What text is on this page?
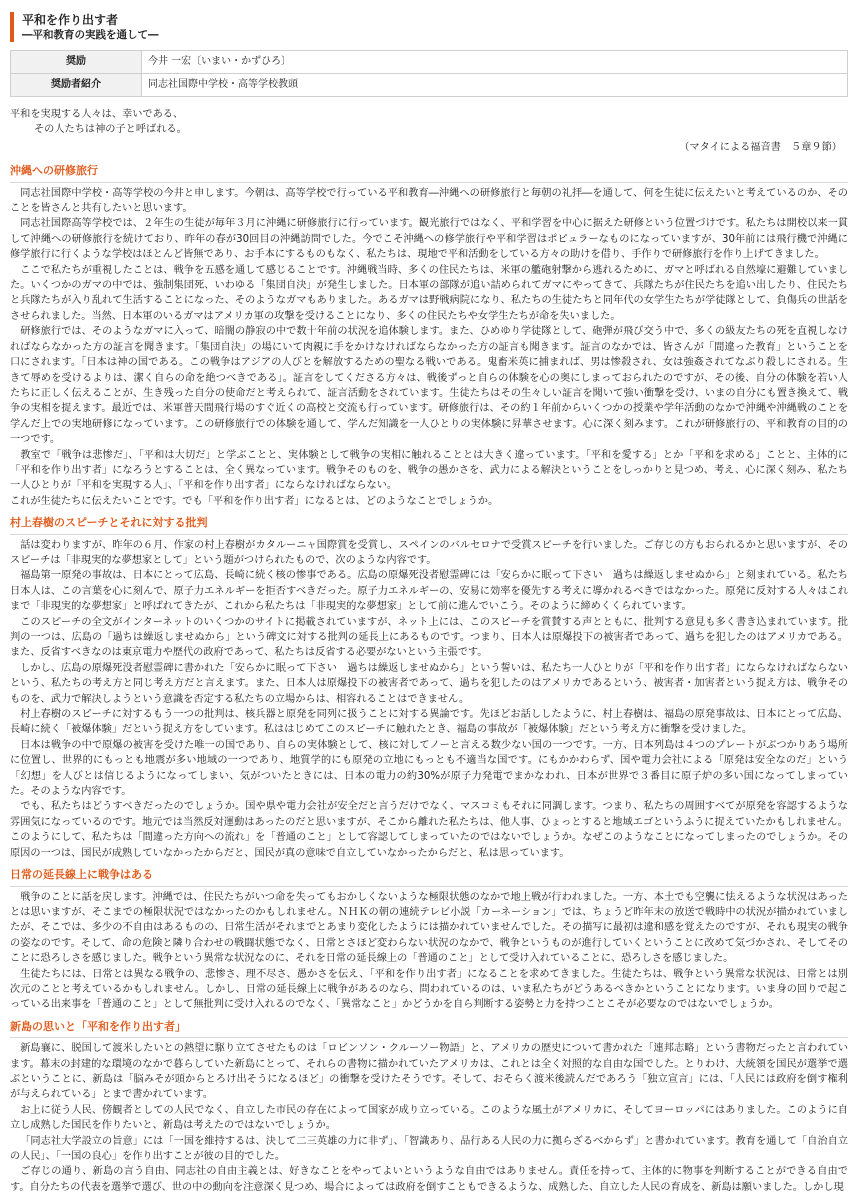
平和を作り出す者
―平和教育の実践を通して―
奨励	今井 一宏〔いまい・かずひろ〕
奨励者紹介	同志社国際中学校・高等学校教頭

平和を実現する人々は、幸いである、

その人たちは神の子と呼ばれる。

（マタイによる福音書　５章９節）
沖縄への研修旅行

同志社国際中学校・高等学校の今井と申します。今朝は、高等学校で行っている平和教育―沖縄への研修旅行と毎朝の礼拝―を通して、何を生徒に伝えたいと考えているのか、そのことを皆さんと共有したいと思います。

同志社国際高等学校では、２年生の生徒が毎年３月に沖縄に研修旅行に行っています。観光旅行ではなく、平和学習を中心に据えた研修という位置づけです。私たちは開校以来一貫して沖縄への研修旅行を続けており、昨年の春が30回目の沖縄訪問でした。今でこそ沖縄への修学旅行や平和学習はポピュラーなものになっていますが、30年前には飛行機で沖縄に修学旅行に行くような学校はほとんど皆無であり、お手本にするものもなく、私たちは、現地で平和活動をしている方々の助けを借り、手作りで研修旅行を作り上げてきました。

ここで私たちが重視したことは、戦争を五感を通して感じることです。沖縄戦当時、多くの住民たちは、米軍の艦砲射撃から逃れるために、ガマと呼ばれる自然壕に避難していました。いくつかのガマの中では、強制集団死、いわゆる「集団自決」が発生しました。日本軍の部隊が追い詰められてガマにやってきて、兵隊たちが住民たちを追い出したり、住民たちと兵隊たちが入り乱れて生活することになった、そのようなガマもありました。あるガマは野戦病院になり、私たちの生徒たちと同年代の女学生たちが学徒隊として、負傷兵の世話をさせられました。当然、日本軍のいるガマはアメリカ軍の攻撃を受けることになり、多くの住民たちや女学生たちが命を失いました。

研修旅行では、そのようなガマに入って、暗闇の静寂の中で数十年前の状況を追体験します。また、ひめゆり学徒隊として、砲弾が飛び交う中で、多くの級友たちの死を直視しなければならなかった方の証言を聞きます。「集団自決」の場にいて肉親に手をかけなければならなかった方の証言も聞きます。証言のなかでは、皆さんが「間違った教育」ということを口にされます。「日本は神の国である。この戦争はアジアの人びとを解放するための聖なる戦いである。鬼畜米英に捕まれば、男は惨殺され、女は強姦されてなぶり殺しにされる。生きて辱めを受けるよりは、潔く自らの命を絶つべきである」。証言をしてくださる方々は、戦後ずっと自らの体験を心の奥にしまっておられたのですが、その後、自分の体験を若い人たちに正しく伝えることが、生き残った自分の使命だと考えられて、証言活動をされています。生徒たちはその生々しい証言を聞いて強い衝撃を受け、いまの自分にも置き換えて、戦争の実相を捉えます。最近では、米軍普天間飛行場のすぐ近くの高校と交流も行っています。研修旅行は、その約１年前からいくつかの授業や学年活動のなかで沖縄や沖縄戦のことを学んだ上での実地研修になっています。この研修旅行での体験を通して、学んだ知識を一人ひとりの実体験に昇華させます。心に深く刻みます。これが研修旅行の、平和教育の目的の一つです。

教室で「戦争は悲惨だ」、「平和は大切だ」と学ぶことと、実体験として戦争の実相に触れることとは大きく違っています。「平和を愛する」とか「平和を求める」ことと、主体的に「平和を作り出す者」になろうとすることは、全く異なっています。戦争そのものを、戦争の愚かさを、武力による解決ということをしっかりと見つめ、考え、心に深く刻み、私たち一人ひとりが「平和を実現する人」、「平和を作り出す者」にならなければならない。

これが生徒たちに伝えたいことです。でも「平和を作り出す者」になるとは、どのようなことでしょうか。

村上春樹のスピーチとそれに対する批判

話は変わりますが、昨年の６月、作家の村上春樹がカタルーニャ国際賞を受賞し、スペインのバルセロナで受賞スピーチを行いました。ご存じの方もおられるかと思いますが、そのスピーチは「非現実的な夢想家として」という題がつけられたもので、次のような内容です。

福島第一原発の事故は、日本にとって広島、長崎に続く核の惨事である。広島の原爆死没者慰霊碑には「安らかに眠って下さい　過ちは繰返しませぬから」と刻まれている。私たち日本人は、この言葉を心に刻んで、原子力エネルギーを拒否すべきだった。原子力エネルギーの、安易に効率を優先する考えに導かれるべきではなかった。原発に反対する人々はこれまで「非現実的な夢想家」と呼ばれてきたが、これから私たちは「非現実的な夢想家」として前に進んでいこう。そのように締めくくられています。

このスピーチの全文がインターネットのいくつかのサイトに掲載されていますが、ネット上には、このスピーチを賞賛する声とともに、批判する意見も多く書き込まれています。批判の一つは、広島の「過ちは繰返しませぬから」という碑文に対する批判の延長上にあるものです。つまり、日本人は原爆投下の被害者であって、過ちを犯したのはアメリカである。また、反省すべきなのは東京電力や歴代の政府であって、私たちは反省する必要がないという主張です。

しかし、広島の原爆死没者慰霊碑に書かれた「安らかに眠って下さい　過ちは繰返しませぬから」という誓いは、私たち一人ひとりが「平和を作り出す者」にならなければならないという、私たちの考え方と同じ考え方だと言えます。また、日本人は原爆投下の被害者であって、過ちを犯したのはアメリカであるという、被害者・加害者という捉え方は、戦争そのものを、武力で解決しようという意識を否定する私たちの立場からは、相容れることはできません。

村上春樹のスピーチに対するもう一つの批判は、核兵器と原発を同列に扱うことに対する異論です。先ほどお話ししたように、村上春樹は、福島の原発事故は、日本にとって広島、長崎に続く「被爆体験」だという捉え方をしています。私ははじめてこのスピーチに触れたとき、福島の事故が「被爆体験」だという考え方に衝撃を受けました。

日本は戦争の中で原爆の被害を受けた唯一の国であり、自らの実体験として、核に対してノーと言える数少ない国の一つです。一方、日本列島は４つのプレートがぶつかりあう場所に位置し、世界的にもっとも地震が多い地域の一つであり、地質学的にも原発の立地にもっとも不適当な国です。にもかかわらず、国や電力会社による「原発は安全なのだ」という「幻想」を人びとは信じるようになってしまい、気がついたときには、日本の電力の約30%が原子力発電でまかなわれ、日本が世界で３番目に原子炉の多い国になってしまっていた。そのような内容です。

でも、私たちはどうすべきだったのでしょうか。国や県や電力会社が安全だと言うだけでなく、マスコミもそれに同調します。つまり、私たちの周囲すべてが原発を容認するような雰囲気になっているのです。地元では当然反対運動はあったのだと思いますが、そこから離れた私たちは、他人事、ひょっとすると地域エゴというふうに捉えていたかもしれません。このようにして、私たちは「間違った方向への流れ」を「普通のこと」として容認してしまっていたのではないでしょうか。なぜこのようなことになってしまったのでしょうか。その原因の一つは、国民が成熟していなかったからだと、国民が真の意味で自立していなかったからだと、私は思っています。

日常の延長線上に戦争はある

戦争のことに話を戻します。沖縄では、住民たちがいつ命を失ってもおかしくないような極限状態のなかで地上戦が行われました。一方、本土でも空襲に怯えるような状況はあったとは思いますが、そこまでの極限状況ではなかったのかもしれません。ＮＨＫの朝の連続テレビ小説「カーネーション」では、ちょうど昨年末の放送で戦時中の状況が描かれていましたが、そこでは、多少の不自由はあるものの、日常生活がそれまでとあまり変化したようには描かれていませんでした。その描写に最初は違和感を覚えたのですが、それも現実の戦争の姿なのです。そして、命の危険と隣り合わせの戦闘状態でなく、日常とさほど変わらない状況のなかで、戦争というものが進行していくということに改めて気づかされ、そしてそのことに恐ろしさを感じました。戦争という異常な状況なのに、それを日常の延長線上の「普通のこと」として受け入れていることに、恐ろしさを感じました。

生徒たちには、日常とは異なる戦争の、悲惨さ、理不尽さ、愚かさを伝え、「平和を作り出す者」になることを求めてきました。生徒たちは、戦争という異常な状況は、日常とは別次元のことと考えているかもしれません。しかし、日常の延長線上に戦争があるのなら、問われているのは、いま私たちがどうあるべきかということになります。いま身の回りで起こっている出来事を「普通のこと」として無批判に受け入れるのでなく、「異常なこと」かどうかを自ら判断する姿勢と力を持つことこそが必要なのではないでしょうか。

新島の思いと「平和を作り出す者」

新島襄に、脱国して渡米したいとの熱望に駆り立てさせたものは「ロビンソン・クルーソー物語」と、アメリカの歴史について書かれた「連邦志略」という書物だったと言われています。幕末の封建的な環境のなかで暮らしていた新島にとって、それらの書物に描かれていたアメリカは、これとは全く対照的な自由な国でした。とりわけ、大統領を国民が選挙で選ぶということに、新島は「脳みそが頭からとろけ出そうになるほど」の衝撃を受けたそうです。そして、おそらく渡米後読んだであろう「独立宣言」には、「人民には政府を倒す権利が与えられている」とまで書かれています。

お上に従う人民、傍観者としての人民でなく、自立した市民の存在によって国家が成り立っている。このような風土がアメリカに、そしてヨーロッパにはありました。このように自立し成熟した国民を作りたいと、新島は考えたのではないでしょうか。

「同志社大学設立の旨意」には「一国を維持するは、決して二三英雄の力に非ず」、「智識あり、品行ある人民の力に拠らざるべからず」と書かれています。教育を通して「自治自立の人民」、「一国の良心」を作り出すことが彼の目的でした。

ご存じの通り、新島の言う自由、同志社の自由主義とは、好きなことをやってよいというような自由ではありません。責任を持って、主体的に物事を判断することができる自由です。自分たちの代表を選挙で選び、世の中の動向を注意深く見つめ、場合によっては政府を倒すこともできるような、成熟した、自立した人民の育成を、新島は願いました。しかし現
